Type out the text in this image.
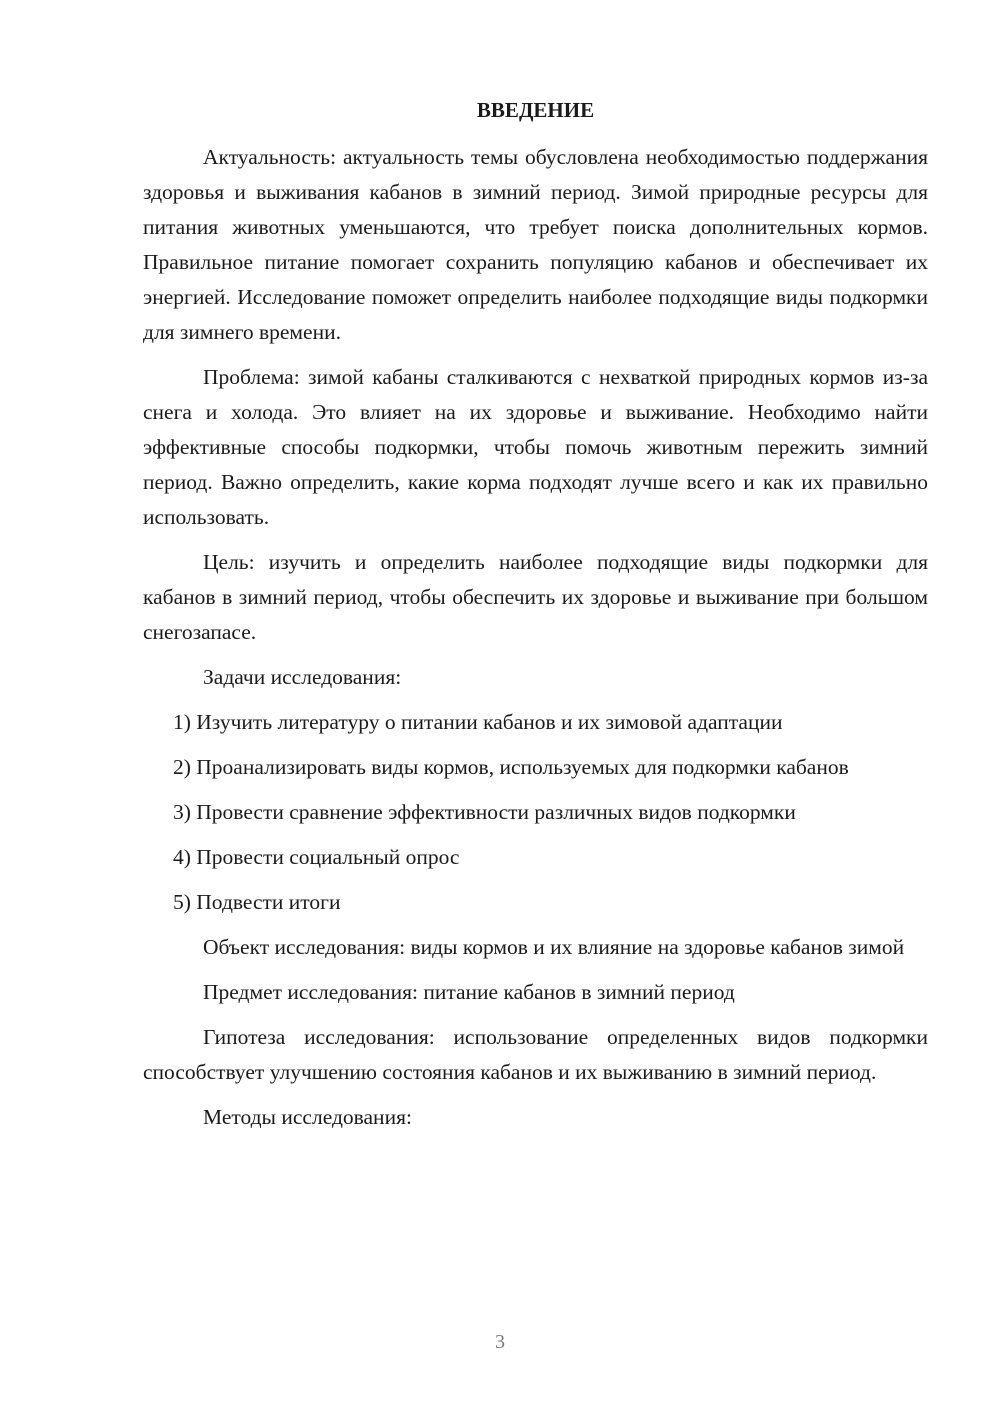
ВВЕДЕНИЕ

Актуальность: актуальность темы обусловлена необходимостью поддержания здоровья и выживания кабанов в зимний период. Зимой природные ресурсы для питания животных уменьшаются, что требует поиска дополнительных кормов. Правильное питание помогает сохранить популяцию кабанов и обеспечивает их энергией. Исследование поможет определить наиболее подходящие виды подкормки для зимнего времени.

Проблема: зимой кабаны сталкиваются с нехваткой природных кормов из-за снега и холода. Это влияет на их здоровье и выживание. Необходимо найти эффективные способы подкормки, чтобы помочь животным пережить зимний период. Важно определить, какие корма подходят лучше всего и как их правильно использовать.

Цель: изучить и определить наиболее подходящие виды подкормки для кабанов в зимний период, чтобы обеспечить их здоровье и выживание при большом снегозапасе.

Задачи исследования:

1) Изучить литературу о питании кабанов и их зимовой адаптации
2) Проанализировать виды кормов, используемых для подкормки кабанов
3) Провести сравнение эффективности различных видов подкормки
4) Провести социальный опрос
5) Подвести итоги

Объект исследования: виды кормов и их влияние на здоровье кабанов зимой

Предмет исследования: питание кабанов в зимний период

Гипотеза исследования: использование определенных видов подкормки способствует улучшению состояния кабанов и их выживанию в зимний период.

Методы исследования:

3
